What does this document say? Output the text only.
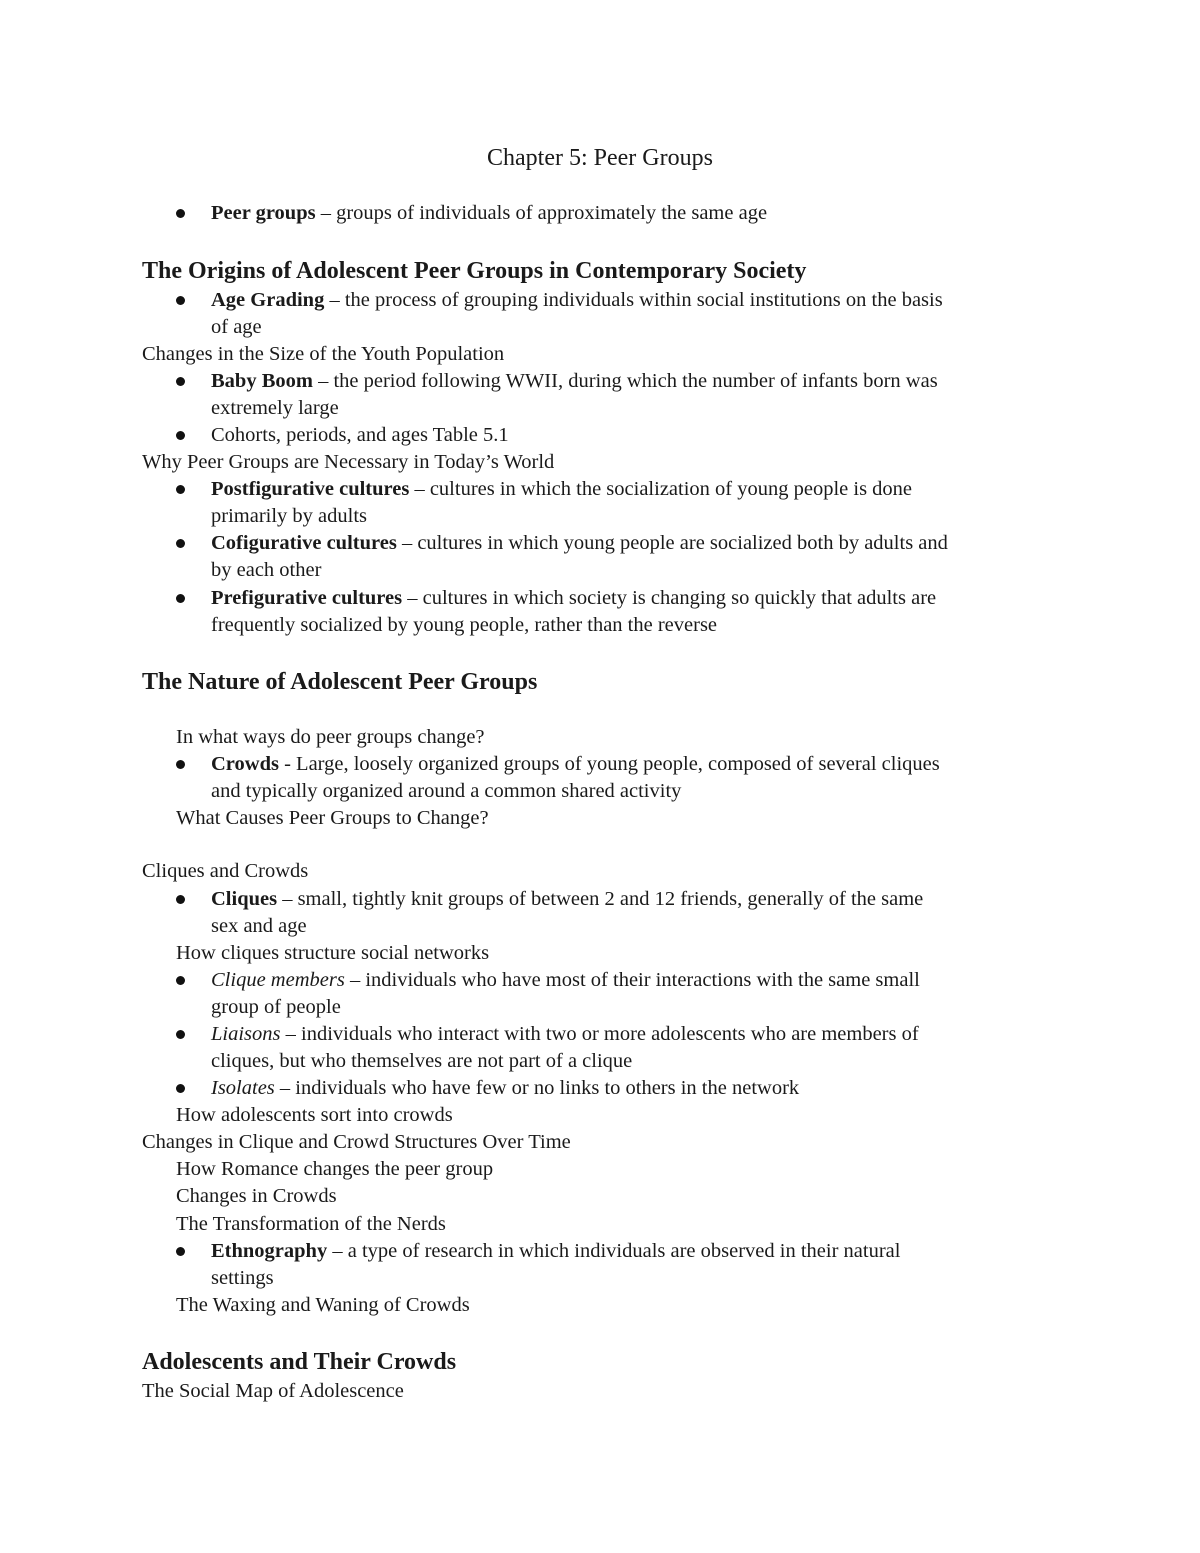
Chapter 5: Peer Groups
Peer groups – groups of individuals of approximately the same age
The Origins of Adolescent Peer Groups in Contemporary Society
Age Grading – the process of grouping individuals within social institutions on the basis
of age
Changes in the Size of the Youth Population
Baby Boom – the period following WWII, during which the number of infants born was
extremely large
Cohorts, periods, and ages Table 5.1
Why Peer Groups are Necessary in Today’s World
Postfigurative cultures – cultures in which the socialization of young people is done
primarily by adults
Cofigurative cultures – cultures in which young people are socialized both by adults and
by each other
Prefigurative cultures – cultures in which society is changing so quickly that adults are
frequently socialized by young people, rather than the reverse
The Nature of Adolescent Peer Groups
In what ways do peer groups change?
Crowds - Large, loosely organized groups of young people, composed of several cliques
and typically organized around a common shared activity
What Causes Peer Groups to Change?
Cliques and Crowds
Cliques – small, tightly knit groups of between 2 and 12 friends, generally of the same
sex and age
How cliques structure social networks
Clique members – individuals who have most of their interactions with the same small
group of people
Liaisons – individuals who interact with two or more adolescents who are members of
cliques, but who themselves are not part of a clique
Isolates – individuals who have few or no links to others in the network
How adolescents sort into crowds
Changes in Clique and Crowd Structures Over Time
How Romance changes the peer group
Changes in Crowds
The Transformation of the Nerds
Ethnography – a type of research in which individuals are observed in their natural
settings
The Waxing and Waning of Crowds
Adolescents and Their Crowds
The Social Map of Adolescence
